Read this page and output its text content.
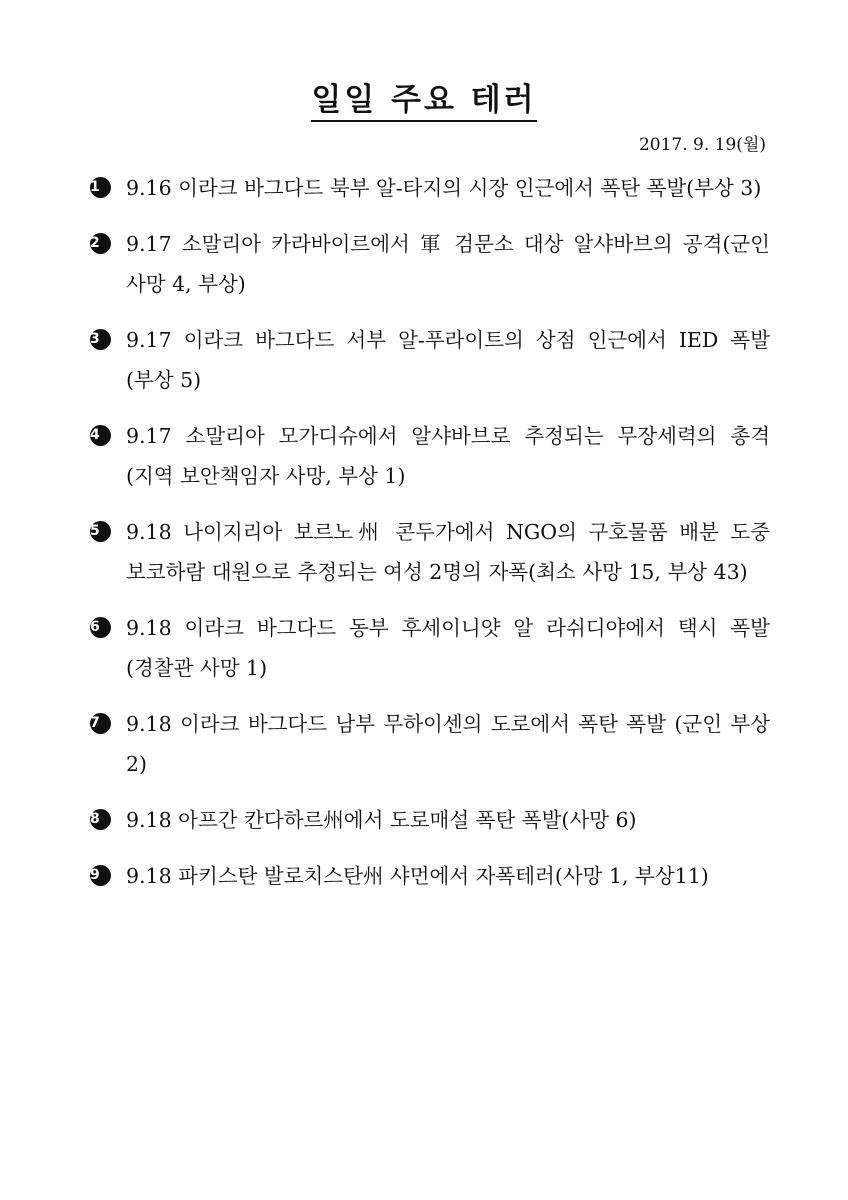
일일 주요 테러
2017. 9. 19(월)
1	9.16 이라크 바그다드 북부 알-타지의 시장 인근에서 폭탄 폭발(부상 3)
2	9.17 소말리아 카라바이르에서 軍 검문소 대상 알샤바브의 공격(군인 사망 4, 부상)
3	9.17 이라크 바그다드 서부 알-푸라이트의 상점 인근에서 IED 폭발(부상 5)
4	9.17 소말리아 모가디슈에서 알샤바브로 추정되는 무장세력의 총격(지역 보안책임자 사망, 부상 1)
5	9.18 나이지리아 보르노州 콘두가에서 NGO의 구호물품 배분 도중 보코하람 대원으로 추정되는 여성 2명의 자폭(최소 사망 15, 부상 43)
6	9.18 이라크 바그다드 동부 후세이니얏 알 라쉬디야에서 택시 폭발(경찰관 사망 1)
7	9.18 이라크 바그다드 남부 무하이센의 도로에서 폭탄 폭발 (군인 부상 2)
8	9.18 아프간 칸다하르州에서 도로매설 폭탄 폭발(사망 6)
9	9.18 파키스탄 발로치스탄州 샤먼에서 자폭테러(사망 1, 부상11)
